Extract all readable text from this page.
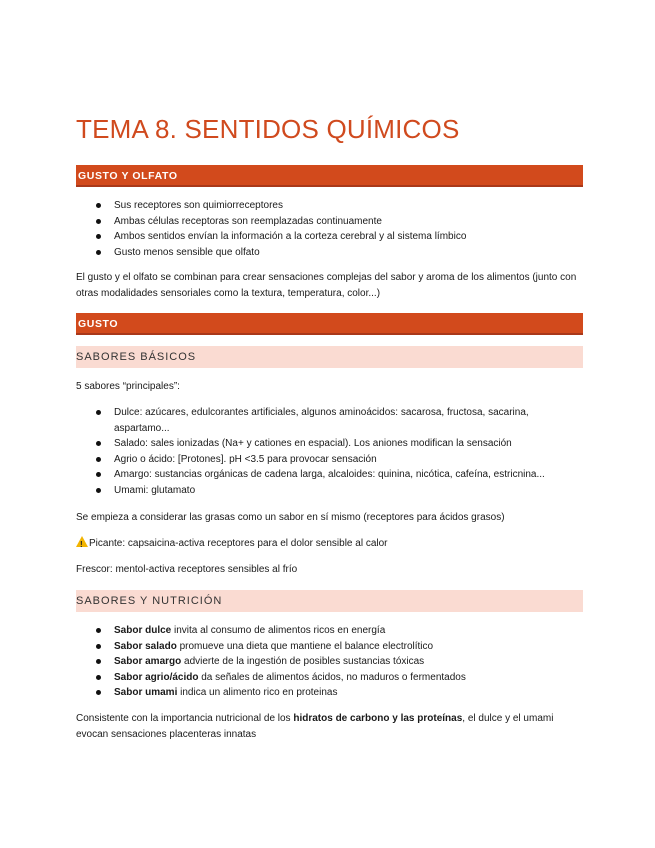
TEMA 8. SENTIDOS QUÍMICOS
GUSTO Y OLFATO
Sus receptores son quimiorreceptores
Ambas células receptoras son reemplazadas continuamente
Ambos sentidos envían la información a la corteza cerebral y al sistema límbico
Gusto menos sensible que olfato

El gusto y el olfato se combinan para crear sensaciones complejas del sabor y aroma de los alimentos (junto con otras modalidades sensoriales como la textura, temperatura, color...)

GUSTO
SABORES BÁSICOS

5 sabores “principales”:

Dulce: azúcares, edulcorantes artificiales, algunos aminoácidos: sacarosa, fructosa, sacarina, aspartamo...
Salado: sales ionizadas (Na+ y cationes en espacial). Los aniones modifican la sensación
Agrio o ácido: [Protones]. pH <3.5 para provocar sensación
Amargo: sustancias orgánicas de cadena larga, alcaloides: quinina, nicótica, cafeína, estricnina...
Umami: glutamato

Se empieza a considerar las grasas como un sabor en sí mismo (receptores para ácidos grasos)

!Picante: capsaicina-activa receptores para el dolor sensible al calor

Frescor: mentol-activa receptores sensibles al frío

SABORES Y NUTRICIÓN
Sabor dulce invita al consumo de alimentos ricos en energía
Sabor salado promueve una dieta que mantiene el balance electrolítico
Sabor amargo advierte de la ingestión de posibles sustancias tóxicas
Sabor agrio/ácido da señales de alimentos ácidos, no maduros o fermentados
Sabor umami indica un alimento rico en proteinas

Consistente con la importancia nutricional de los hidratos de carbono y las proteínas, el dulce y el umami evocan sensaciones placenteras innatas
